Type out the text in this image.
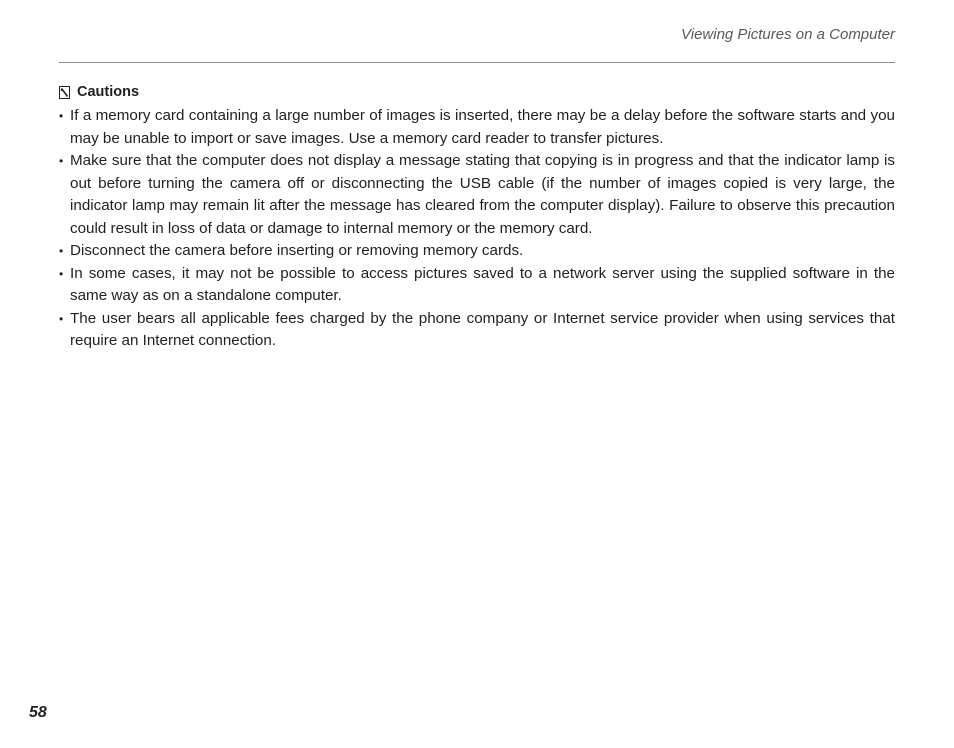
Viewing Pictures on a Computer
Cautions
• If a memory card containing a large number of images is inserted, there may be a delay before the software starts and you may be unable to import or save images. Use a memory card reader to transfer pictures.
• Make sure that the computer does not display a message stating that copying is in progress and that the indicator lamp is out before turning the camera off or disconnecting the USB cable (if the number of images copied is very large, the indicator lamp may remain lit after the message has cleared from the computer display). Failure to observe this precaution could result in loss of data or damage to internal memory or the memory card.
• Disconnect the camera before inserting or removing memory cards.
• In some cases, it may not be possible to access pictures saved to a network server using the supplied software in the same way as on a standalone computer.
• The user bears all applicable fees charged by the phone company or Internet service provider when using services that require an Internet connection.
58
